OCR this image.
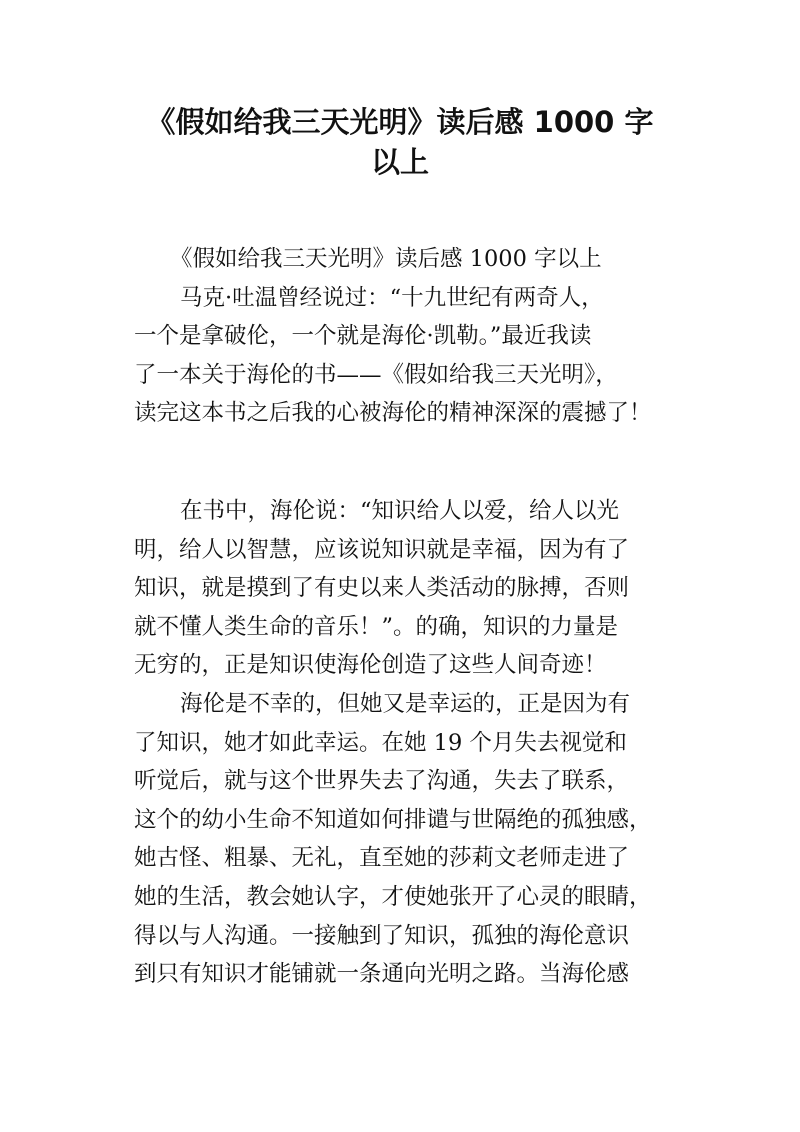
《假如给我三天光明》读后感 1000 字
以上
《假如给我三天光明》读后感 1000 字以上
马克·吐温曾经说过：“十九世纪有两奇人，
一个是拿破伦，一个就是海伦·凯勒。”最近我读
了一本关于海伦的书——《假如给我三天光明》，
读完这本书之后我的心被海伦的精神深深的震撼了！
在书中，海伦说：“知识给人以爱，给人以光
明，给人以智慧，应该说知识就是幸福，因为有了
知识，就是摸到了有史以来人类活动的脉搏，否则
就不懂人类生命的音乐！”。的确，知识的力量是
无穷的，正是知识使海伦创造了这些人间奇迹！
海伦是不幸的，但她又是幸运的，正是因为有
了知识，她才如此幸运。在她 19 个月失去视觉和
听觉后，就与这个世界失去了沟通，失去了联系，
这个的幼小生命不知道如何排谴与世隔绝的孤独感，
她古怪、粗暴、无礼，直至她的莎莉文老师走进了
她的生活，教会她认字，才使她张开了心灵的眼睛，
得以与人沟通。一接触到了知识，孤独的海伦意识
到只有知识才能铺就一条通向光明之路。当海伦感
